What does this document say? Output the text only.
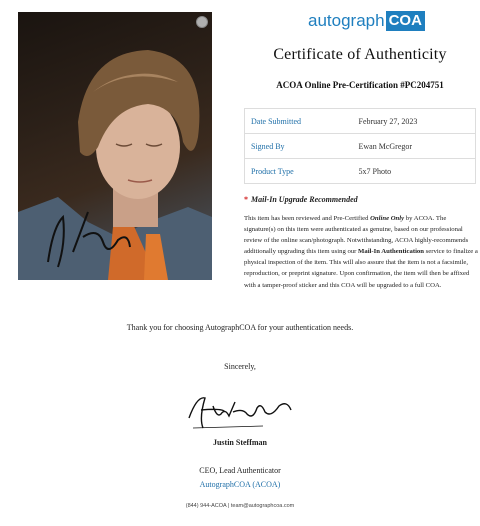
autograph COA
Certificate of Authenticity
ACOA Online Pre-Certification #PC204751
Date Submitted	February 27, 2023
Signed By	Ewan McGregor
Product Type	5x7 Photo
* Mail-In Upgrade Recommended
This item has been reviewed and Pre-Certified Online Only by ACOA. The signature(s) on this item were authenticated as genuine, based on our professional review of the online scan/photograph. Notwithstanding, ACOA highly-recommends additionally upgrading this item using our Mail-In Authentication service to finalize a physical inspection of the item. This will also assure that the item is not a facsimile, reproduction, or preprint signature. Upon confirmation, the item will then be affixed with a tamper-proof sticker and this COA will be upgraded to a full COA.
Thank you for choosing AutographCOA for your authentication needs.
Sincerely,
Justin Steffman
CEO, Lead Authenticator
AutographCOA (ACOA)
(844) 944-ACOA | team@autographcoa.com
